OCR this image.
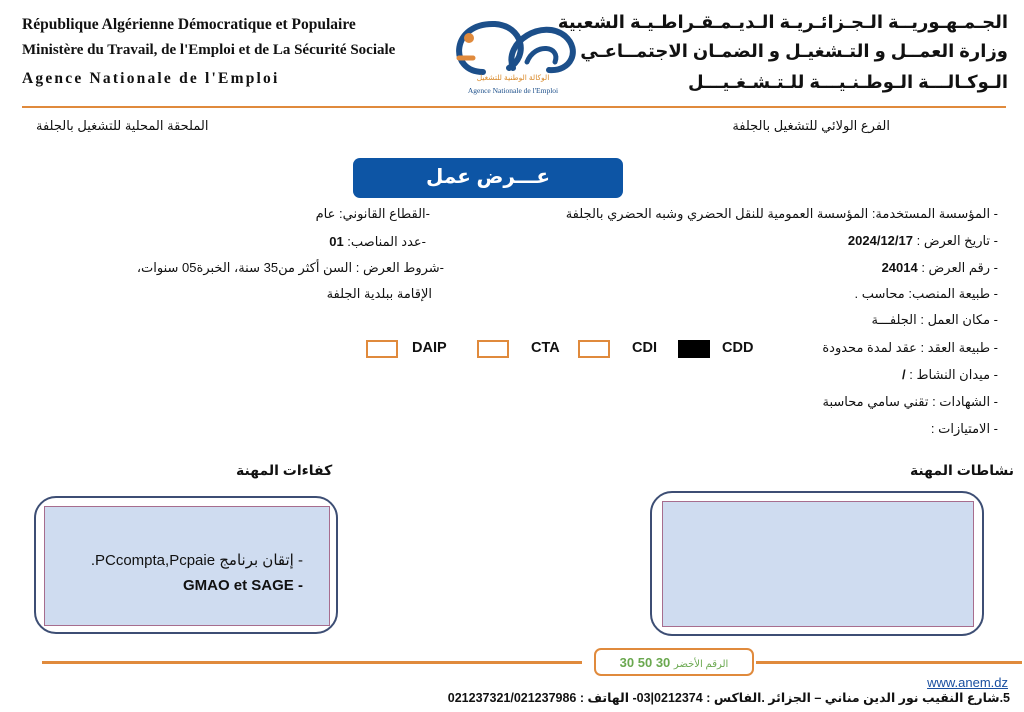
République Algérienne Démocratique et Populaire
Ministère du Travail, de l'Emploi et de La Sécurité Sociale
Agence Nationale de l'Emploi
الجـمـهـوريــة الـجـزائـريـة الـديـمـقـراطـيـة الشعبية
وزارة العمــل و التـشغيـل و الضمـان الاجتمــاعـي
الـوكـالـــة الـوطـنـيـــة للـتـشـغـيـــل
الوكالة الوطنية للتشغيل
Agence Nationale de l'Emploi
الفرع الولائي للتشغيل بالجلفة
الملحقة المحلية للتشغيل بالجلفة
عـــرض عمل
- المؤسسة المستخدمة: المؤسسة العمومية للنقل الحضري وشبه الحضري بالجلفة
- تاريخ العرض : 2024/12/17
- رقم العرض : 24014
- طبيعة المنصب: محاسب .
- مكان العمل : الجلفـــة
- طبيعة العقد : عقد لمدة محدودة
- ميدان النشاط : /
- الشهادات : تقني سامي محاسبة
- الامتيازات :
-القطاع القانوني: عام
-عدد المناصب: 01
-شروط العرض : السن أكثر من35 سنة، الخبرة05 سنوات،
الإقامة ببلدية الجلفة
CDD
CDI
CTA
DAIP
نشاطات المهنة
كفاءات المهنة
- إتقان برنامج PCcompta,Pcpaie.
- GMAO et SAGE
الرقم الأخضر 30 50 30
www.anem.dz
5.شارع النقيب نور الدين مناني – الجزائر .الفاكس : 0212374|03- الهاتف : 021237321/021237986
